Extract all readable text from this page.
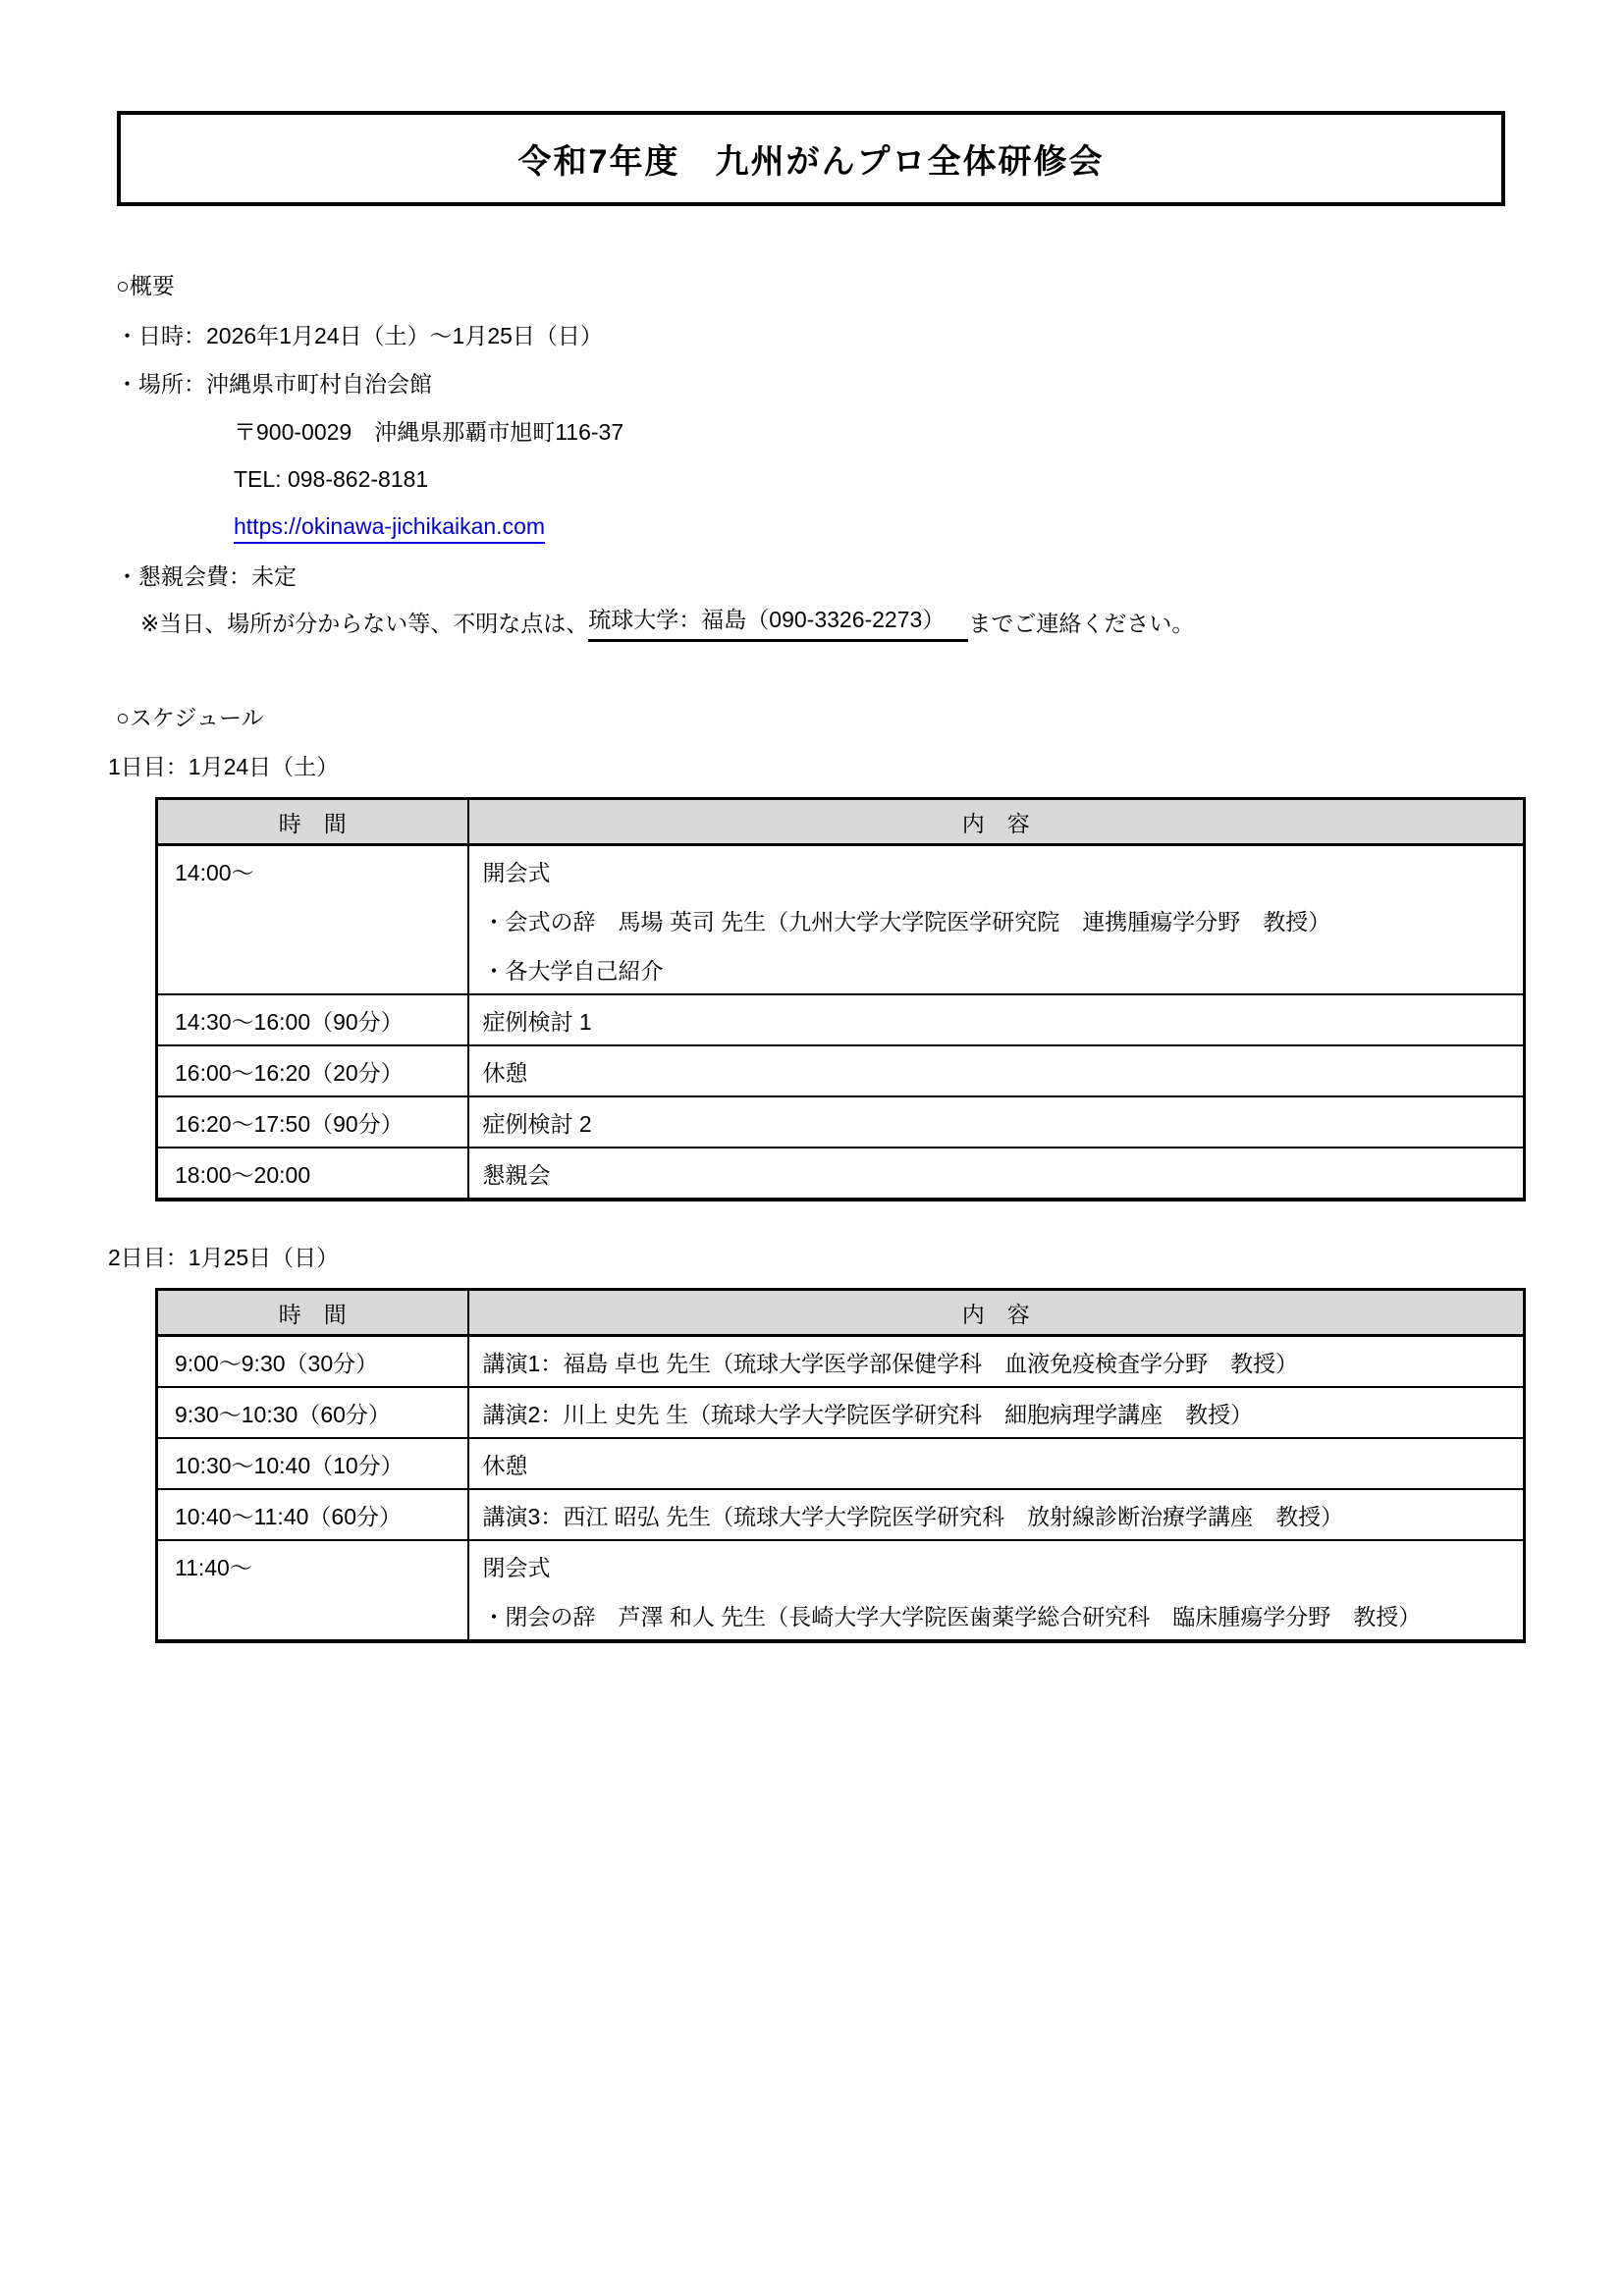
令和7年度　九州がんプロ全体研修会
○概要
・日時：2026年1月24日（土）～1月25日（日）
・場所：沖縄県市町村自治会館
〒900-0029　沖縄県那覇市旭町116-37
TEL: 098-862-8181
https://okinawa-jichikaikan.com
・懇親会費：未定
※当日、場所が分からない等、不明な点は、 琉球大学：福島（090-3326-2273）	までご連絡ください。
○スケジュール
1日目：1月24日（土）
時　間	内　容

14:00～	開会式
・会式の辞　馬場 英司 先生（九州大学大学院医学研究院　連携腫瘍学分野　教授）
・各大学自己紹介

14:30～16:00（90分）	症例検討 1

16:00～16:20（20分）	休憩

16:20～17:50（90分）	症例検討 2

18:00～20:00	懇親会
2日目：1月25日（日）
時　間	内　容

9:00～9:30（30分）	講演1：福島 卓也 先生（琉球大学医学部保健学科　血液免疫検査学分野　教授）

9:30～10:30（60分）	講演2：川上 史先 生（琉球大学大学院医学研究科　細胞病理学講座　教授）

10:30～10:40（10分）	休憩

10:40～11:40（60分）	講演3：西江 昭弘 先生（琉球大学大学院医学研究科　放射線診断治療学講座　教授）

11:40～	閉会式
・閉会の辞　芦澤 和人 先生（長崎大学大学院医歯薬学総合研究科　臨床腫瘍学分野　教授）
